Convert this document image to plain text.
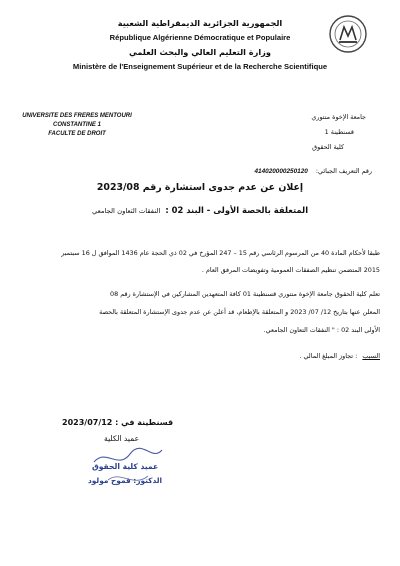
الجمهورية الجزائرية الديمقراطية الشعبية
République Algérienne Démocratique et Populaire
وزارة التعليم العالي والبحث العلمي
Ministère de l'Enseignement Supérieur et de la Recherche Scientifique
UNIVERSITE DES FRERES MENTOURI
CONSTANTINE 1
FACULTE DE DROIT
جامعة الإخوة منتوري
قسنطينة 1
كلية الحقوق
رقم التعريف الجبائي: 414020000250120
إعلان عن عدم جدوى استشارة رقم 2023/08
المتعلقة بالحصة الأولى - البند 02 : النفقات التعاون الجامعي
طبقا لأحكام المادة 40 من المرسوم الرئاسي رقم 15 – 247 المؤرخ في 02 ذي الحجة عام 1436 الموافق ل 16 سبتمبر
2015 المتضمن تنظيم الصفقات العمومية وتفويضات المرفق العام .
تعلم كلية الحقوق جامعة الإخوة منتوري قسنطينة 01 كافة المتعهدين المشاركين في الإستشارة رقم 08
المعلن عنها بتاريخ 12/ 07/ 2023 و المتعلقة بالإطعام، قد أعلن عن عدم جدوى الإستشارة المتعلقة بالحصة
الأولى البند 02 : " النفقات التعاون الجامعي.
السبب : تجاوز المبلغ المالي .
قسنطينة في : 2023/07/12
عميد الكلية
عميد كلية الحقوق
الدكتور: قموح مولود
